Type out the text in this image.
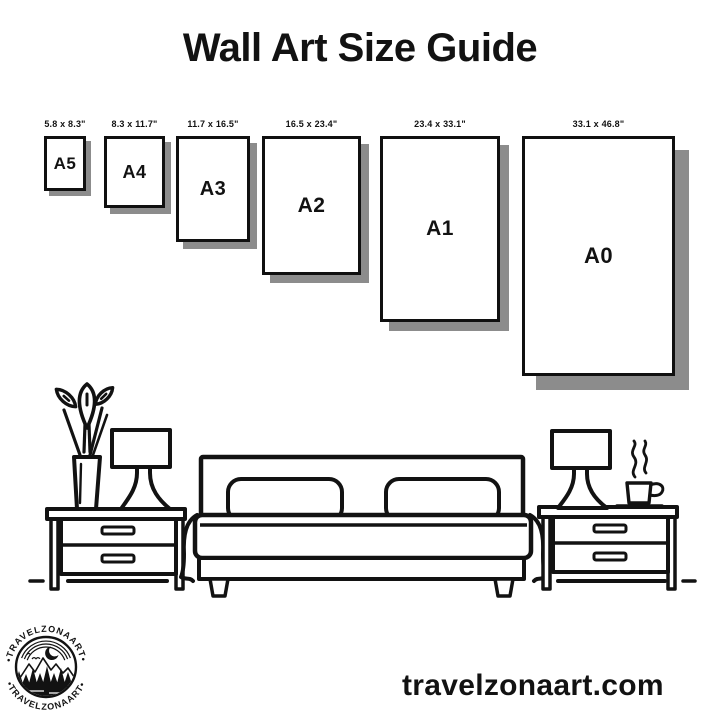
Wall Art Size Guide
5.8 x 8.3"
A5
8.3 x 11.7"
A4
11.7 x 16.5"
A3
16.5 x 23.4"
A2
23.4 x 33.1"
A1
33.1 x 46.8"
A0
•TRAVELZONAART•
•TRAVELZONAART•	travelzonaart.com
